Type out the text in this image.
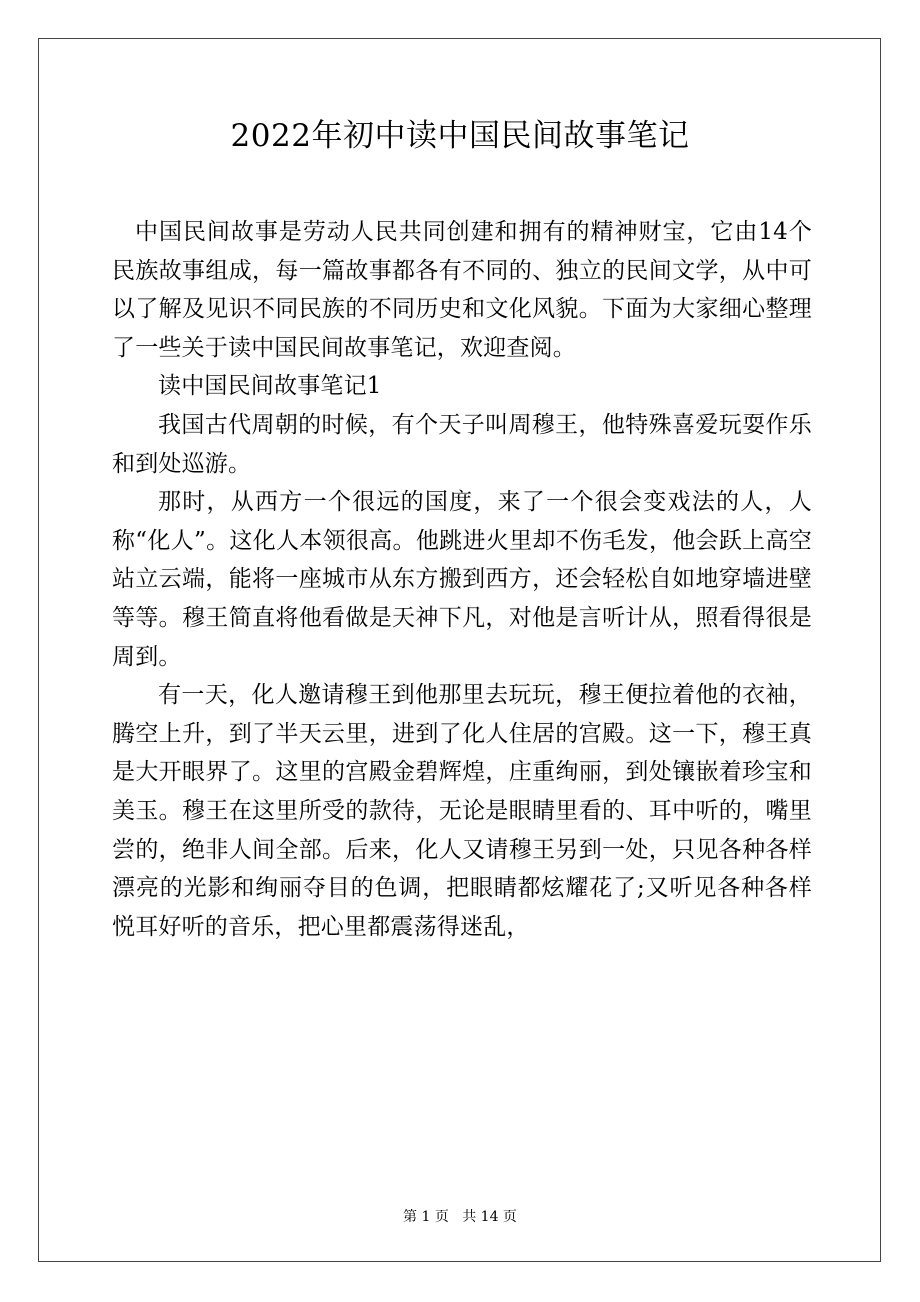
2022年初中读中国民间故事笔记

中国民间故事是劳动人民共同创建和拥有的精神财宝，它由14个民族故事组成，每一篇故事都各有不同的、独立的民间文学，从中可以了解及见识不同民族的不同历史和文化风貌。下面为大家细心整理了一些关于读中国民间故事笔记，欢迎查阅。

读中国民间故事笔记1

我国古代周朝的时候，有个天子叫周穆王，他特殊喜爱玩耍作乐和到处巡游。

那时，从西方一个很远的国度，来了一个很会变戏法的人，人称“化人”。这化人本领很高。他跳进火里却不伤毛发，他会跃上高空站立云端，能将一座城市从东方搬到西方，还会轻松自如地穿墙进壁等等。穆王简直将他看做是天神下凡，对他是言听计从，照看得很是周到。

有一天，化人邀请穆王到他那里去玩玩，穆王便拉着他的衣袖，腾空上升，到了半天云里，进到了化人住居的宫殿。这一下，穆王真是大开眼界了。这里的宫殿金碧辉煌，庄重绚丽，到处镶嵌着珍宝和美玉。穆王在这里所受的款待，无论是眼睛里看的、耳中听的，嘴里尝的，绝非人间全部。后来，化人又请穆王另到一处，只见各种各样漂亮的光影和绚丽夺目的色调，把眼睛都炫耀花了;又听见各种各样悦耳好听的音乐，把心里都震荡得迷乱，

第 1 页 共 14 页
